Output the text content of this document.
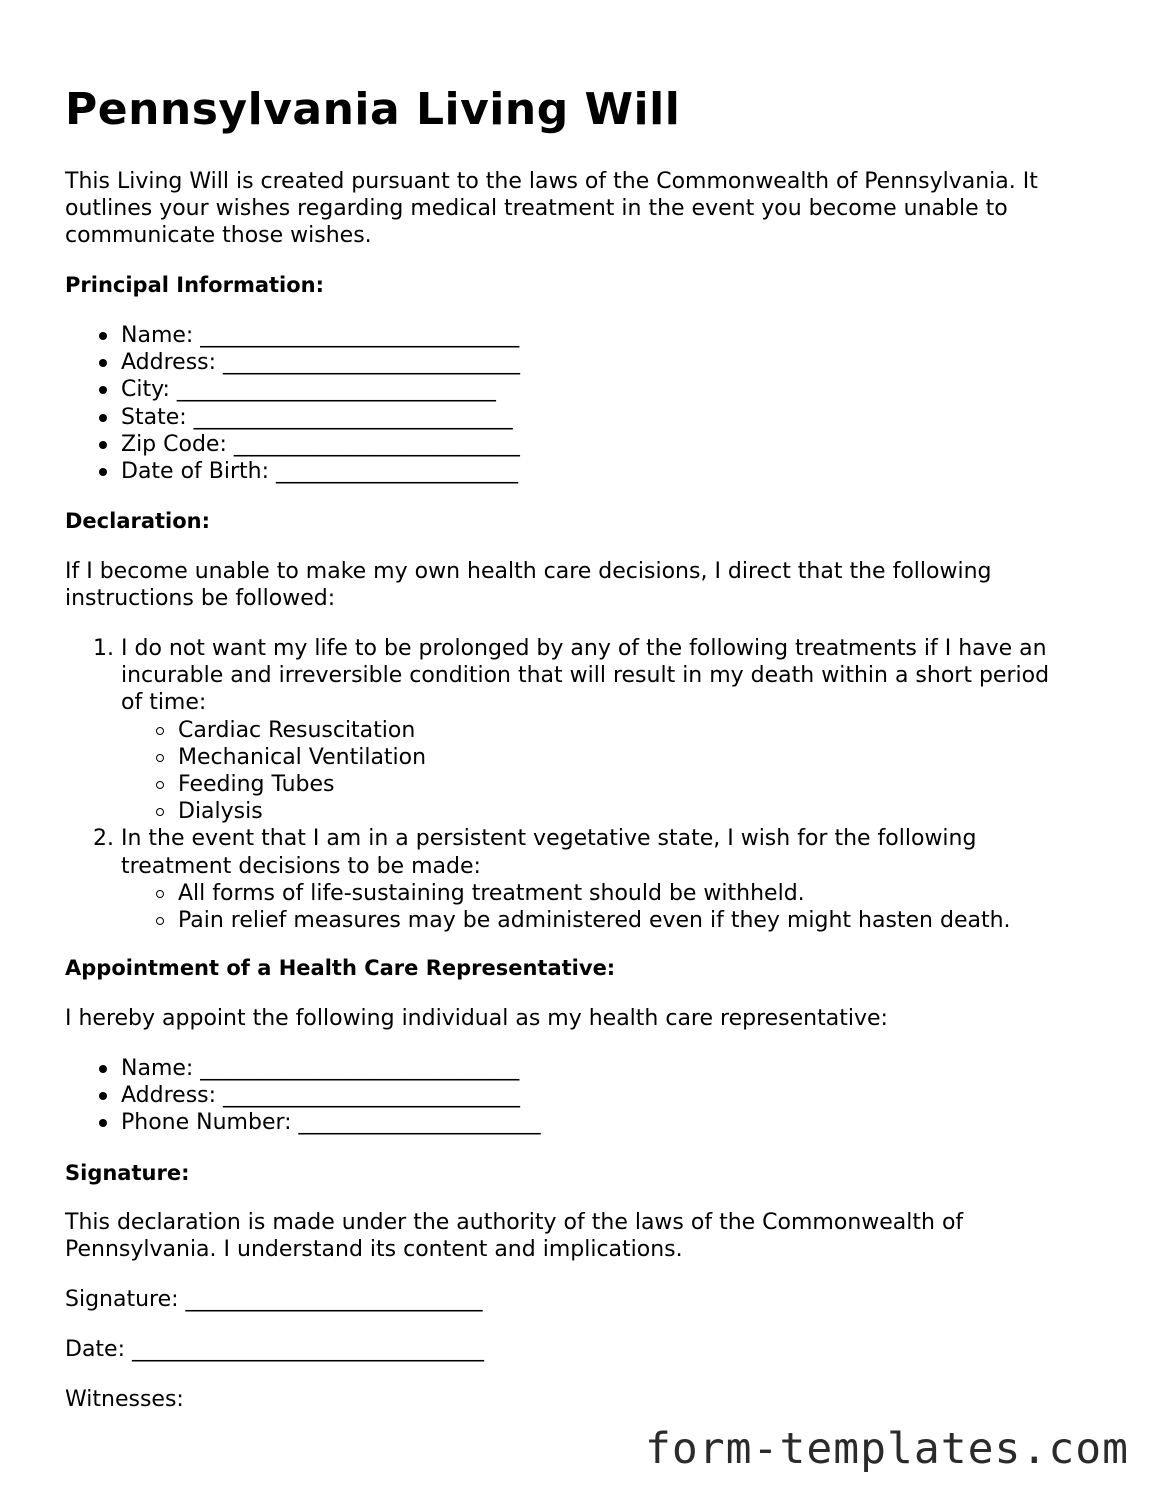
Pennsylvania Living Will

This Living Will is created pursuant to the laws of the Commonwealth of Pennsylvania. It

outlines your wishes regarding medical treatment in the event you become unable to

communicate those wishes.

Principal Information:
Name: _____________________________
Address: ___________________________
City: _____________________________
State: _____________________________
Zip Code: __________________________
Date of Birth: ______________________
Declaration:

If I become unable to make my own health care decisions, I direct that the following

instructions be followed:

1. I do not want my life to be prolonged by any of the following treatments if I have an
incurable and irreversible condition that will result in my death within a short period
of time:
Cardiac Resuscitation
Mechanical Ventilation
Feeding Tubes
Dialysis
2. In the event that I am in a persistent vegetative state, I wish for the following
treatment decisions to be made:
All forms of life-sustaining treatment should be withheld.
Pain relief measures may be administered even if they might hasten death.
Appointment of a Health Care Representative:

I hereby appoint the following individual as my health care representative:

Name: _____________________________
Address: ___________________________
Phone Number: ______________________
Signature:

This declaration is made under the authority of the laws of the Commonwealth of

Pennsylvania. I understand its content and implications.

Signature: ___________________________

Date: ________________________________

Witnesses:

form-templates.com
